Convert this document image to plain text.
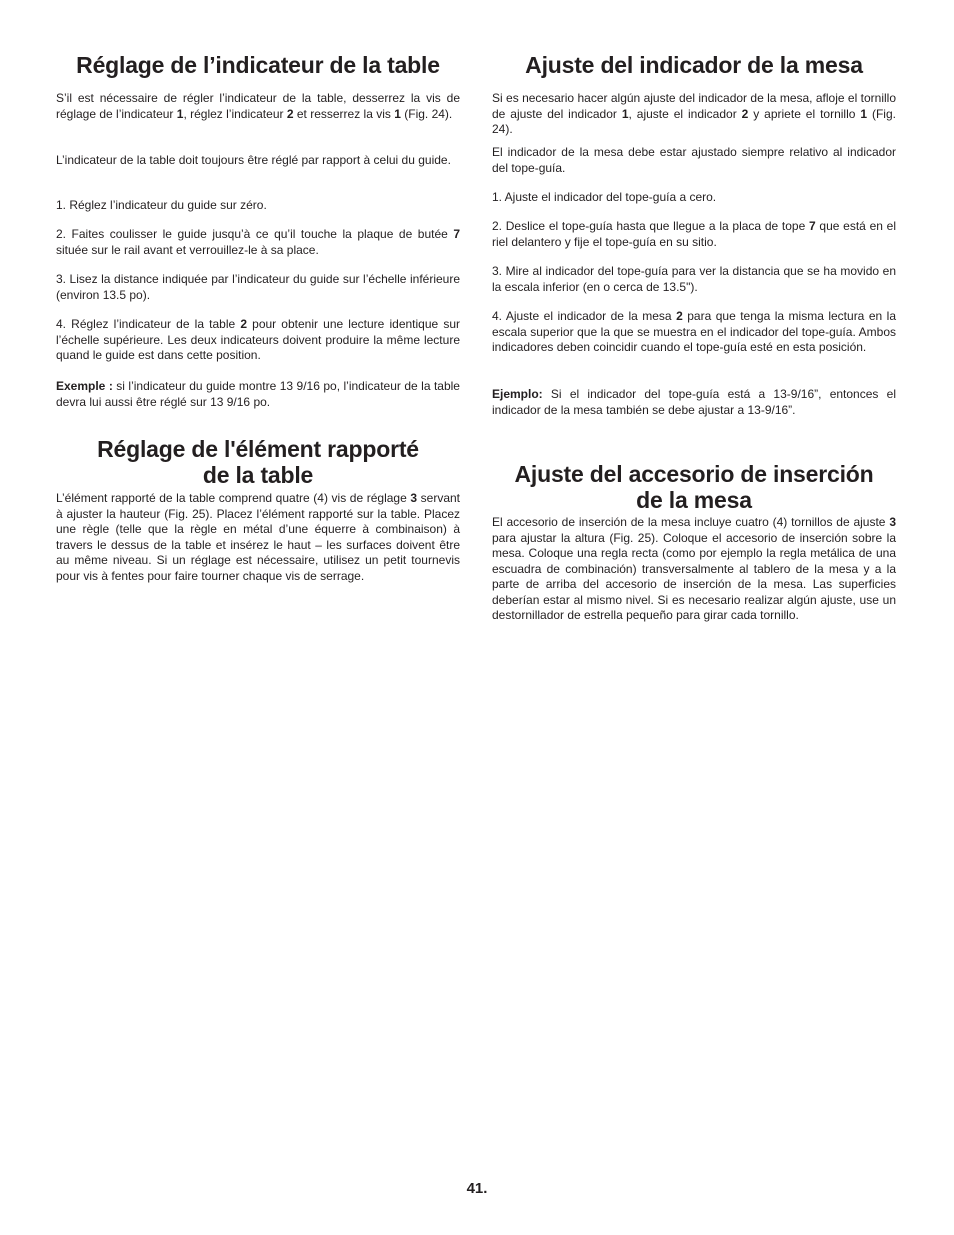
Réglage de l’indicateur de la table

S’il est nécessaire de régler l’indicateur de la table, desserrez la vis de réglage de l’indicateur 1, réglez l’indicateur 2 et resserrez la vis 1 (Fig. 24).

L’indicateur de la table doit toujours être réglé par rapport à celui du guide.

1. Réglez l’indicateur du guide sur zéro.

2. Faites coulisser le guide jusqu’à ce qu’il touche la plaque de butée 7 située sur le rail avant et verrouillez-le à sa place.

3. Lisez la distance indiquée par l’indicateur du guide sur l’échelle inférieure (environ 13.5 po).

4. Réglez l’indicateur de la table 2 pour obtenir une lecture identique sur l’échelle supérieure. Les deux indicateurs doivent produire la même lecture quand le guide est dans cette position.

Exemple : si l’indicateur du guide montre 13 9/16 po, l’indicateur de la table devra lui aussi être réglé sur 13 9/16 po.

Réglage de l'élément rapporté
de la table

L’élément rapporté de la table comprend quatre (4) vis de réglage 3 servant à ajuster la hauteur (Fig. 25). Placez l’élément rapporté sur la table. Placez une règle (telle que la règle en métal d’une équerre à combinaison) à travers le dessus de la table et insérez le haut – les surfaces doivent être au même niveau. Si un réglage est nécessaire, utilisez un petit tournevis pour vis à fentes pour faire tourner chaque vis de serrage.

Ajuste del indicador de la mesa

Si es necesario hacer algún ajuste del indicador de la mesa, afloje el tornillo de ajuste del indicador 1, ajuste el indicador 2 y apriete el tornillo 1 (Fig. 24).

El indicador de la mesa debe estar ajustado siempre relativo al indicador del tope-guía.

1. Ajuste el indicador del tope-guía a cero.

2. Deslice el tope-guía hasta que llegue a la placa de tope 7 que está en el riel delantero y fije el tope-guía en su sitio.

3. Mire al indicador del tope-guía para ver la distancia que se ha movido en la escala inferior (en o cerca de 13.5").

4. Ajuste el indicador de la mesa 2 para que tenga la misma lectura en la escala superior que la que se muestra en el indicador del tope-guía. Ambos indicadores deben coincidir cuando el tope-guía esté en esta posición.

Ejemplo: Si el indicador del tope-guía está a 13-9/16”, entonces el indicador de la mesa también se debe ajustar a 13-9/16”.

Ajuste del accesorio de inserción
de la mesa

El accesorio de inserción de la mesa incluye cuatro (4) tornillos de ajuste 3 para ajustar la altura (Fig. 25). Coloque el accesorio de inserción sobre la mesa. Coloque una regla recta (como por ejemplo la regla metálica de una escuadra de combinación) transversalmente al tablero de la mesa y a la parte de arriba del accesorio de inserción de la mesa. Las superficies deberían estar al mismo nivel. Si es necesario realizar algún ajuste, use un destornillador de estrella pequeño para girar cada tornillo.

41.
